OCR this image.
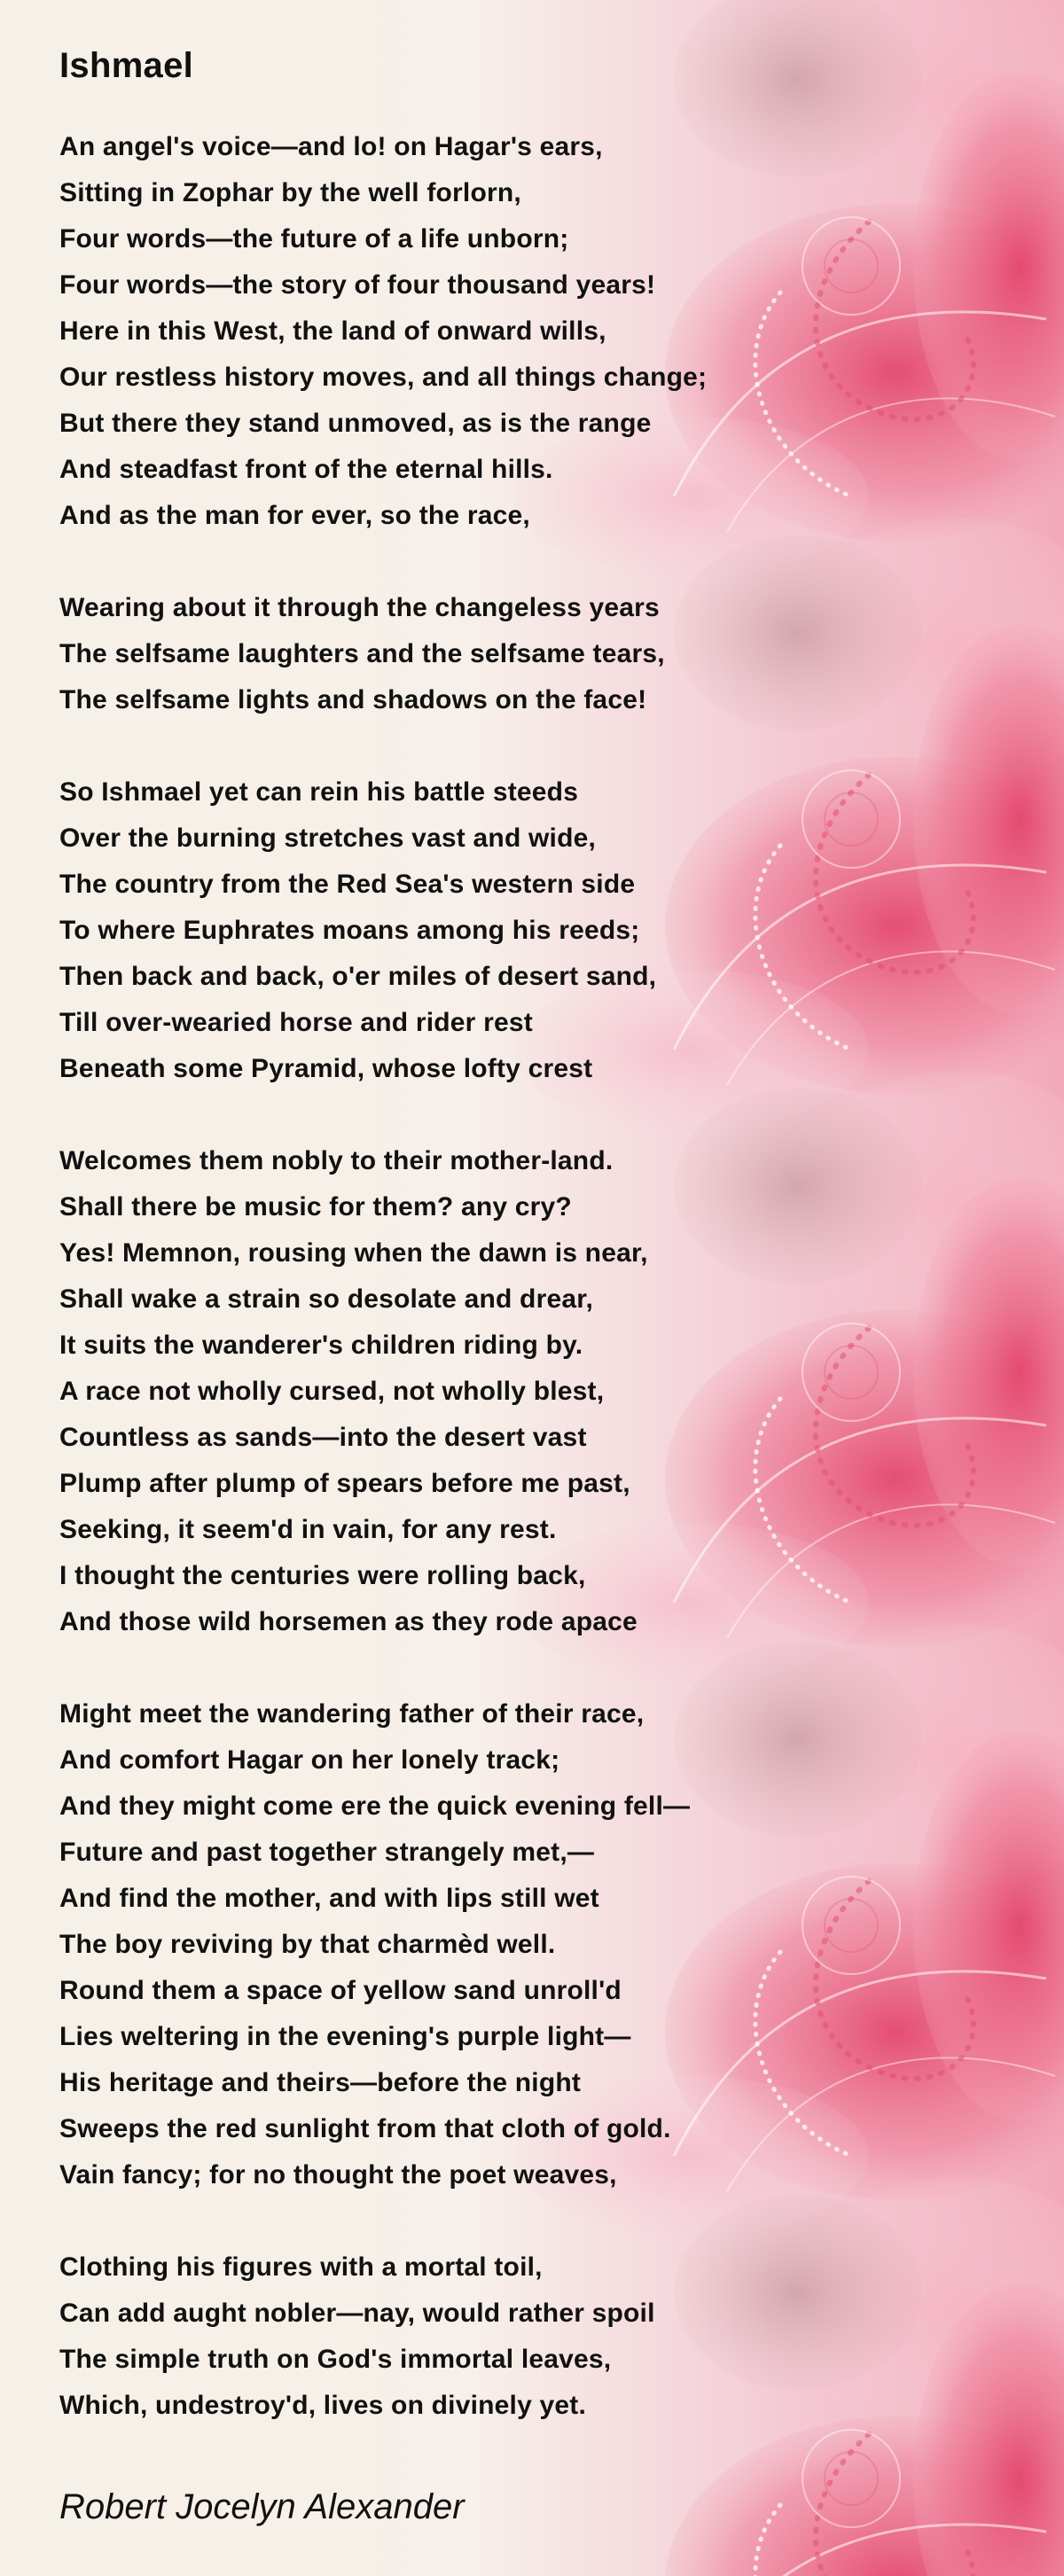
Ishmael
An angel's voice—and lo! on Hagar's ears,
Sitting in Zophar by the well forlorn,
Four words—the future of a life unborn;
Four words—the story of four thousand years!
Here in this West, the land of onward wills,
Our restless history moves, and all things change;
But there they stand unmoved, as is the range
And steadfast front of the eternal hills.
And as the man for ever, so the race,
Wearing about it through the changeless years
The selfsame laughters and the selfsame tears,
The selfsame lights and shadows on the face!
So Ishmael yet can rein his battle steeds
Over the burning stretches vast and wide,
The country from the Red Sea's western side
To where Euphrates moans among his reeds;
Then back and back, o'er miles of desert sand,
Till over-wearied horse and rider rest
Beneath some Pyramid, whose lofty crest
Welcomes them nobly to their mother-land.
Shall there be music for them? any cry?
Yes! Memnon, rousing when the dawn is near,
Shall wake a strain so desolate and drear,
It suits the wanderer's children riding by.
A race not wholly cursed, not wholly blest,
Countless as sands—into the desert vast
Plump after plump of spears before me past,
Seeking, it seem'd in vain, for any rest.
I thought the centuries were rolling back,
And those wild horsemen as they rode apace
Might meet the wandering father of their race,
And comfort Hagar on her lonely track;
And they might come ere the quick evening fell—
Future and past together strangely met,—
And find the mother, and with lips still wet
The boy reviving by that charmèd well.
Round them a space of yellow sand unroll'd
Lies weltering in the evening's purple light—
His heritage and theirs—before the night
Sweeps the red sunlight from that cloth of gold.
Vain fancy; for no thought the poet weaves,
Clothing his figures with a mortal toil,
Can add aught nobler—nay, would rather spoil
The simple truth on God's immortal leaves,
Which, undestroy'd, lives on divinely yet.
Robert Jocelyn Alexander
